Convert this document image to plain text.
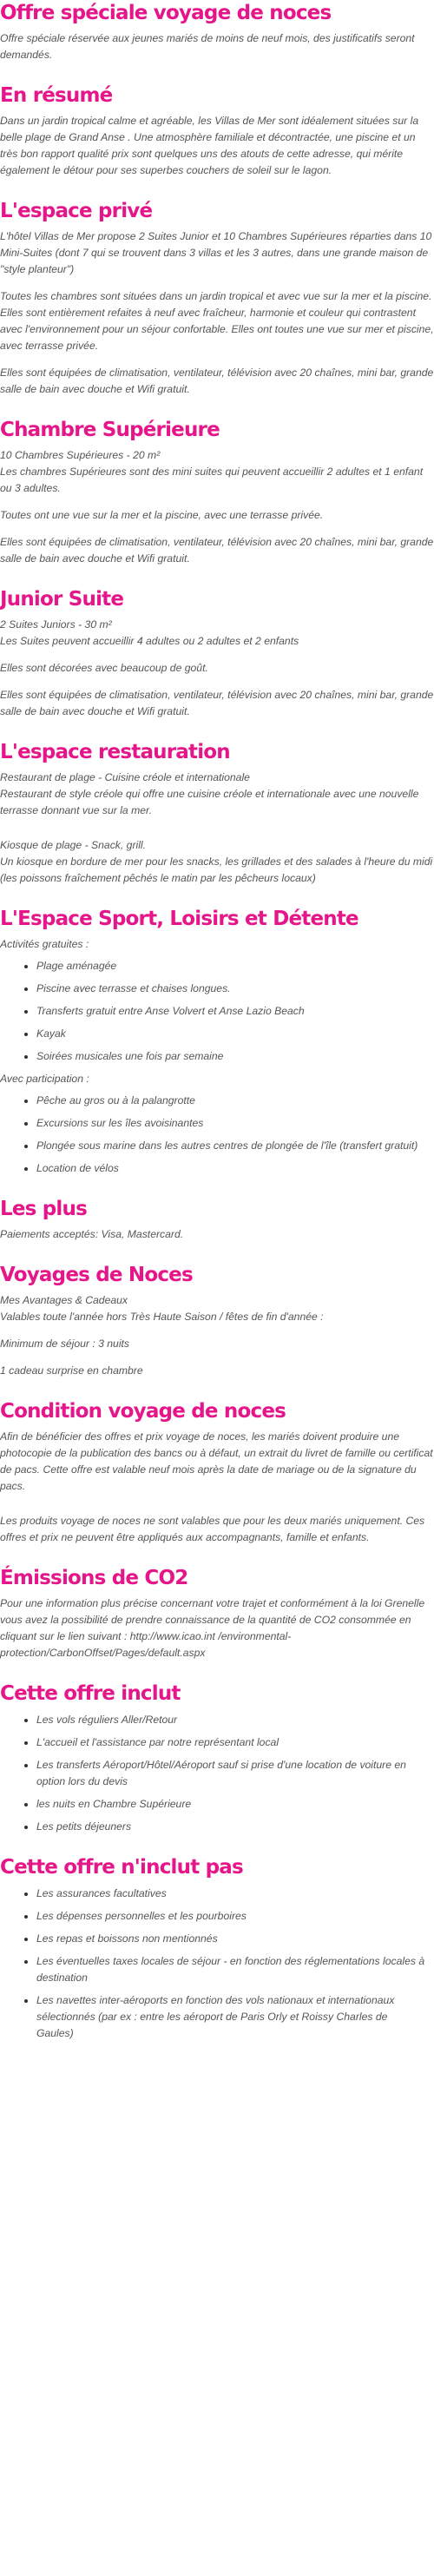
Offre spéciale voyage de noces

Offre spéciale réservée aux jeunes mariés de moins de neuf mois, des justificatifs seront demandés.

En résumé

Dans un jardin tropical calme et agréable, les Villas de Mer sont idéalement situées sur la belle plage de Grand Anse . Une atmosphère familiale et décontractée, une piscine et un très bon rapport qualité prix sont quelques uns des atouts de cette adresse, qui mérite également le détour pour ses superbes couchers de soleil sur le lagon.

L'espace privé

L'hôtel Villas de Mer propose 2 Suites Junior et 10 Chambres Supérieures réparties dans 10 Mini-Suites (dont 7 qui se trouvent dans 3 villas et les 3 autres, dans une grande maison de "style planteur")

Toutes les chambres sont situées dans un jardin tropical et avec vue sur la mer et la piscine. Elles sont entièrement refaites à neuf avec fraîcheur, harmonie et couleur qui contrastent avec l'environnement pour un séjour confortable. Elles ont toutes une vue sur mer et piscine, avec terrasse privée.

Elles sont équipées de climatisation, ventilateur, télévision avec 20 chaînes, mini bar, grande salle de bain avec douche et Wifi gratuit.

Chambre Supérieure

10 Chambres Supérieures - 20 m²
Les chambres Supérieures sont des mini suites qui peuvent accueillir 2 adultes et 1 enfant ou 3 adultes.

Toutes ont une vue sur la mer et la piscine, avec une terrasse privée.

Elles sont équipées de climatisation, ventilateur, télévision avec 20 chaînes, mini bar, grande salle de bain avec douche et Wifi gratuit.

Junior Suite

2 Suites Juniors - 30 m²
Les Suites peuvent accueillir 4 adultes ou 2 adultes et 2 enfants

Elles sont décorées avec beaucoup de goût.

Elles sont équipées de climatisation, ventilateur, télévision avec 20 chaînes, mini bar, grande salle de bain avec douche et Wifi gratuit.

L'espace restauration

Restaurant de plage - Cuisine créole et internationale
Restaurant de style créole qui offre une cuisine créole et internationale avec une nouvelle terrasse donnant vue sur la mer.

Kiosque de plage - Snack, grill.
Un kiosque en bordure de mer pour les snacks, les grillades et des salades à l'heure du midi (les poissons fraîchement pêchés le matin par les pêcheurs locaux)

L'Espace Sport, Loisirs et Détente

Activités gratuites :

• Plage aménagée
• Piscine avec terrasse et chaises longues.
• Transferts gratuit entre Anse Volvert et Anse Lazio Beach
• Kayak
• Soirées musicales une fois par semaine

Avec participation :

• Pêche au gros ou à la palangrotte
• Excursions sur les îles avoisinantes
• Plongée sous marine dans les autres centres de plongée de l'île (transfert gratuit)
• Location de vélos
Les plus

Paiements acceptés: Visa, Mastercard.

Voyages de Noces

Mes Avantages & Cadeaux
Valables toute l'année hors Très Haute Saison / fêtes de fin d'année :

Minimum de séjour : 3 nuits

1 cadeau surprise en chambre

Condition voyage de noces

Afin de bénéficier des offres et prix voyage de noces, les mariés doivent produire une photocopie de la publication des bancs ou à défaut, un extrait du livret de famille ou certificat de pacs. Cette offre est valable neuf mois après la date de mariage ou de la signature du pacs.

Les produits voyage de noces ne sont valables que pour les deux mariés uniquement. Ces offres et prix ne peuvent être appliqués aux accompagnants, famille et enfants.

Émissions de CO2

Pour une information plus précise concernant votre trajet et conformément à la loi Grenelle vous avez la possibilité de prendre connaissance de la quantité de CO2 consommée en cliquant sur le lien suivant : http://www.icao.int /environmental-protection/CarbonOffset/Pages/default.aspx

Cette offre inclut
• Les vols réguliers Aller/Retour
• L'accueil et l'assistance par notre représentant local
• Les transferts Aéroport/Hôtel/Aéroport sauf si prise d'une location de voiture en option lors du devis
• les nuits en Chambre Supérieure
• Les petits déjeuners
Cette offre n'inclut pas
• Les assurances facultatives
• Les dépenses personnelles et les pourboires
• Les repas et boissons non mentionnés
• Les éventuelles taxes locales de séjour - en fonction des réglementations locales à destination
• Les navettes inter-aéroports en fonction des vols nationaux et internationaux sélectionnés (par ex : entre les aéroport de Paris Orly et Roissy Charles de Gaules)
